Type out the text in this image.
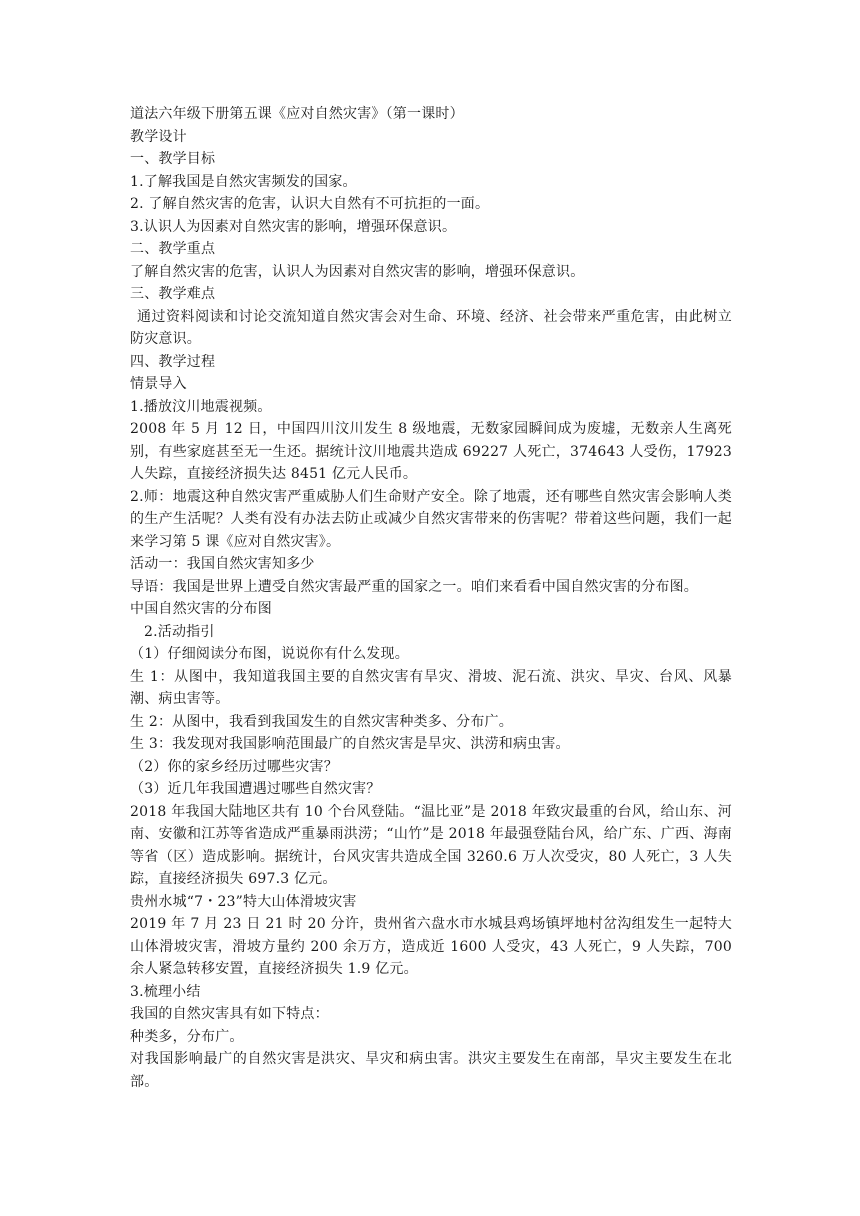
道法六年级下册第五课《应对自然灾害》（第一课时）

教学设计

一、教学目标

1.了解我国是自然灾害频发的国家。

2. 了解自然灾害的危害，认识大自然有不可抗拒的一面。

3.认识人为因素对自然灾害的影响，增强环保意识。

二、教学重点

了解自然灾害的危害，认识人为因素对自然灾害的影响，增强环保意识。

三、教学难点

通过资料阅读和讨论交流知道自然灾害会对生命、环境、经济、社会带来严重危害，由此树立防灾意识。

四、教学过程

情景导入

1.播放汶川地震视频。

2008 年 5 月 12 日，中国四川汶川发生 8 级地震，无数家园瞬间成为废墟，无数亲人生离死别，有些家庭甚至无一生还。据统计汶川地震共造成 69227 人死亡，374643 人受伤，17923 人失踪，直接经济损失达 8451 亿元人民币。

2.师：地震这种自然灾害严重威胁人们生命财产安全。除了地震，还有哪些自然灾害会影响人类的生产生活呢？人类有没有办法去防止或减少自然灾害带来的伤害呢？带着这些问题，我们一起来学习第 5 课《应对自然灾害》。

活动一：我国自然灾害知多少

导语：我国是世界上遭受自然灾害最严重的国家之一。咱们来看看中国自然灾害的分布图。

中国自然灾害的分布图

2.活动指引

（1）仔细阅读分布图，说说你有什么发现。

生 1：从图中，我知道我国主要的自然灾害有旱灾、滑坡、泥石流、洪灾、旱灾、台风、风暴潮、病虫害等。

生 2：从图中，我看到我国发生的自然灾害种类多、分布广。

生 3：我发现对我国影响范围最广的自然灾害是旱灾、洪涝和病虫害。

（2）你的家乡经历过哪些灾害？

（3）近几年我国遭遇过哪些自然灾害？

2018 年我国大陆地区共有 10 个台风登陆。“温比亚”是 2018 年致灾最重的台风，给山东、河南、安徽和江苏等省造成严重暴雨洪涝；“山竹”是 2018 年最强登陆台风，给广东、广西、海南等省（区）造成影响。据统计，台风灾害共造成全国 3260.6 万人次受灾，80 人死亡，3 人失踪，直接经济损失 697.3 亿元。

贵州水城“7・23”特大山体滑坡灾害

2019 年 7 月 23 日 21 时 20 分许，贵州省六盘水市水城县鸡场镇坪地村岔沟组发生一起特大山体滑坡灾害，滑坡方量约 200 余万方，造成近 1600 人受灾，43 人死亡，9 人失踪，700 余人紧急转移安置，直接经济损失 1.9 亿元。

3.梳理小结

我国的自然灾害具有如下特点：

种类多，分布广。

对我国影响最广的自然灾害是洪灾、旱灾和病虫害。洪灾主要发生在南部，旱灾主要发生在北部。
